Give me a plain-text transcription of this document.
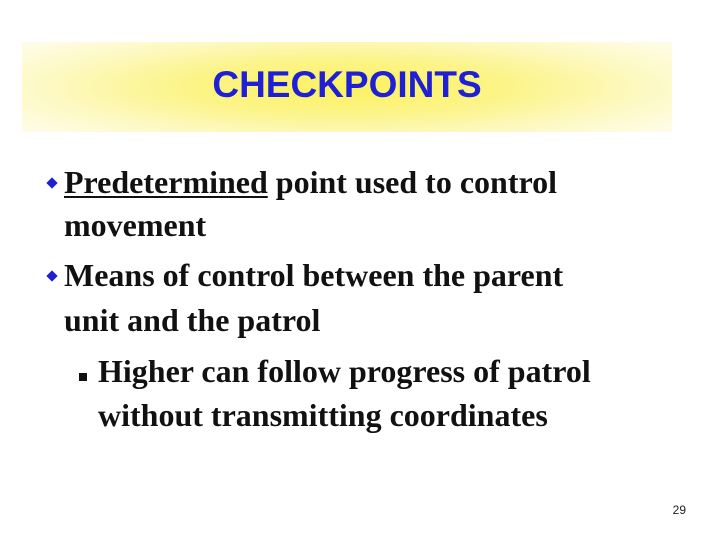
CHECKPOINTS
Predetermined point used to control
movement
Means of control between the parent
unit and the patrol
Higher can follow progress of patrol
without transmitting coordinates
29
